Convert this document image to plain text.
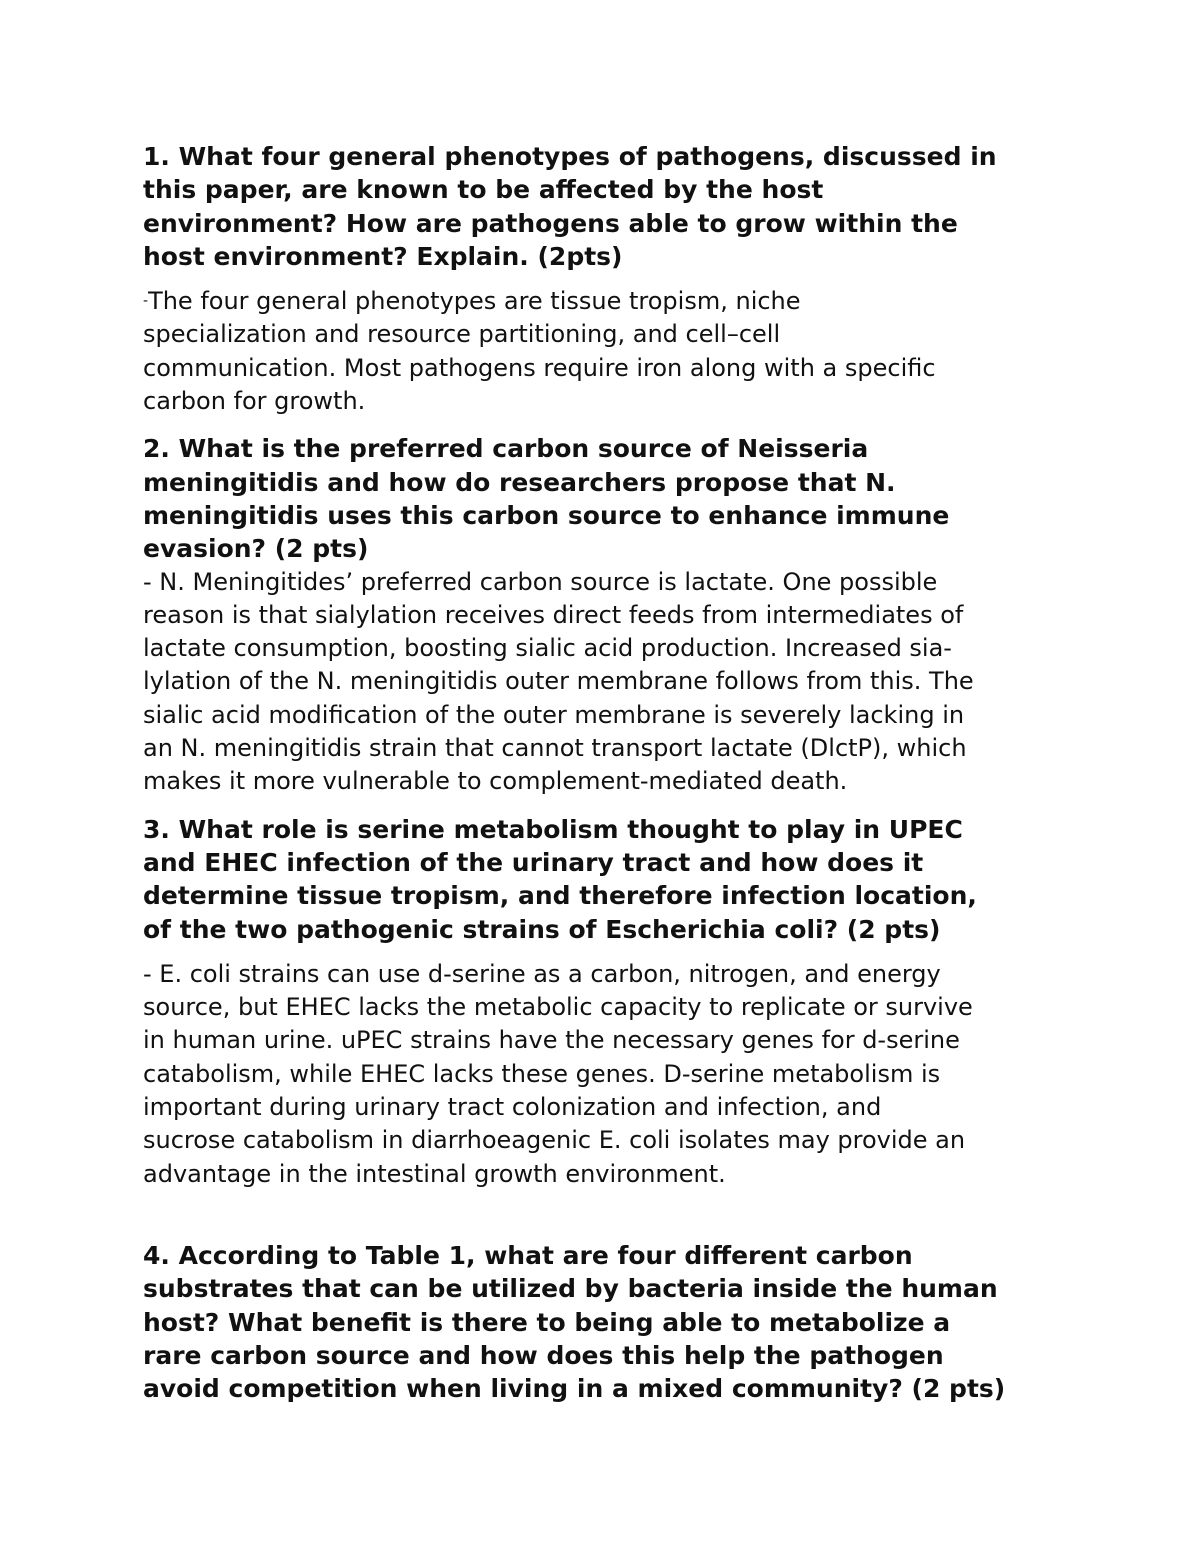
1. What four general phenotypes of pathogens, discussed in
this paper, are known to be affected by the host
environment? How are pathogens able to grow within the
host environment? Explain. (2pts)

-The four general phenotypes are tissue tropism, niche
specialization and resource partitioning, and cell–cell
communication. Most pathogens require iron along with a specific
carbon for growth.

2. What is the preferred carbon source of Neisseria
meningitidis and how do researchers propose that N.
meningitidis uses this carbon source to enhance immune
evasion? (2 pts)

- N. Meningitides’ preferred carbon source is lactate. One possible
reason is that sialylation receives direct feeds from intermediates of
lactate consumption, boosting sialic acid production. Increased sia-
lylation of the N. meningitidis outer membrane follows from this. The
sialic acid modification of the outer membrane is severely lacking in
an N. meningitidis strain that cannot transport lactate (DlctP), which
makes it more vulnerable to complement-mediated death.

3. What role is serine metabolism thought to play in UPEC
and EHEC infection of the urinary tract and how does it
determine tissue tropism, and therefore infection location,
of the two pathogenic strains of Escherichia coli? (2 pts)

- E. coli strains can use d-serine as a carbon, nitrogen, and energy
source, but EHEC lacks the metabolic capacity to replicate or survive
in human urine. uPEC strains have the necessary genes for d-serine
catabolism, while EHEC lacks these genes. D-serine metabolism is
important during urinary tract colonization and infection, and
sucrose catabolism in diarrhoeagenic E. coli isolates may provide an
advantage in the intestinal growth environment.

4. According to Table 1, what are four different carbon
substrates that can be utilized by bacteria inside the human
host? What benefit is there to being able to metabolize a
rare carbon source and how does this help the pathogen
avoid competition when living in a mixed community? (2 pts)
